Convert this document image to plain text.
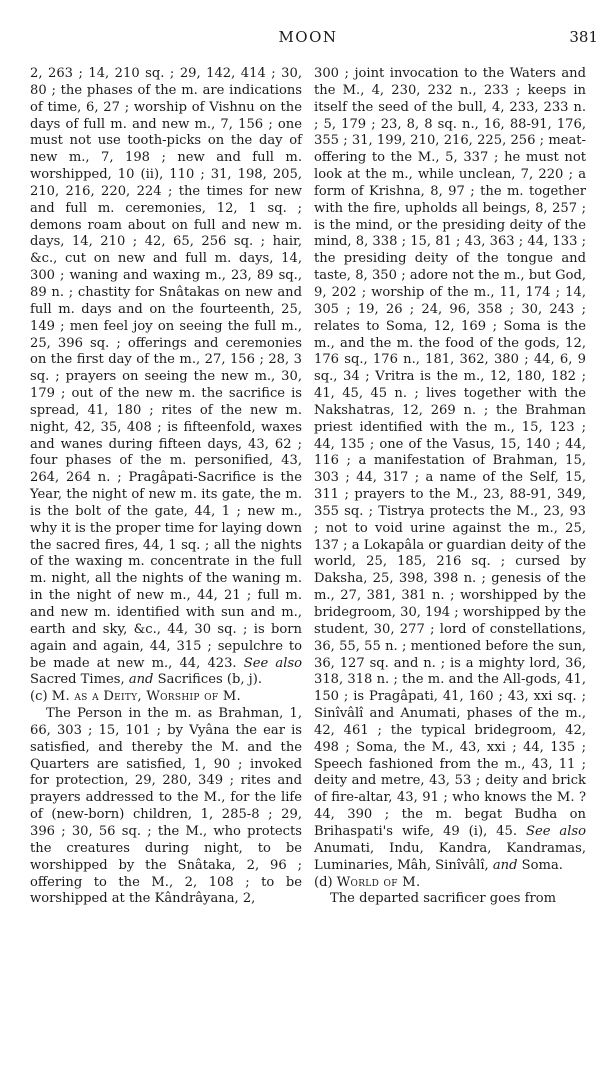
MOON	381

2, 263 ; 14, 210 sq. ; 29, 142, 414 ; 30, 80 ; the phases of the m. are indications of time, 6, 27 ; worship of Vishnu on the days of full m. and new m., 7, 156 ; one must not use tooth-picks on the day of new m., 7, 198 ; new and full m. worshipped, 10 (ii), 110 ; 31, 198, 205, 210, 216, 220, 224 ; the times for new and full m. ceremonies, 12, 1 sq. ; demons roam about on full and new m. days, 14, 210 ; 42, 65, 256 sq. ; hair, &c., cut on new and full m. days, 14, 300 ; waning and waxing m., 23, 89 sq., 89 n. ; chastity for Snâtakas on new and full m. days and on the fourteenth, 25, 149 ; men feel joy on seeing the full m., 25, 396 sq. ; offerings and ceremonies on the first day of the m., 27, 156 ; 28, 3 sq. ; prayers on seeing the new m., 30, 179 ; out of the new m. the sacrifice is spread, 41, 180 ; rites of the new m. night, 42, 35, 408 ; is fifteenfold, waxes and wanes during fifteen days, 43, 62 ; four phases of the m. personified, 43, 264, 264 n. ; Pragâpati-Sacrifice is the Year, the night of new m. its gate, the m. is the bolt of the gate, 44, 1 ; new m., why it is the proper time for laying down the sacred fires, 44, 1 sq. ; all the nights of the waxing m. concentrate in the full m. night, all the nights of the waning m. in the night of new m., 44, 21 ; full m. and new m. identified with sun and m., earth and sky, &c., 44, 30 sq. ; is born again and again, 44, 315 ; sepulchre to be made at new m., 44, 423. See also Sacred Times, and Sacrifices (b, j).

(c) M. as a Deity, Worship of M.

The Person in the m. as Brahman, 1, 66, 303 ; 15, 101 ; by Vyâna the ear is satisfied, and thereby the M. and the Quarters are satisfied, 1, 90 ; invoked for protection, 29, 280, 349 ; rites and prayers addressed to the M., for the life of (new-born) children, 1, 285-8 ; 29, 396 ; 30, 56 sq. ; the M., who protects the creatures during night, to be worshipped by the Snâtaka, 2, 96 ; offering to the M., 2, 108 ; to be worshipped at the Kândrâyana, 2,

300 ; joint invocation to the Waters and the M., 4, 230, 232 n., 233 ; keeps in itself the seed of the bull, 4, 233, 233 n. ; 5, 179 ; 23, 8, 8 sq. n., 16, 88-91, 176, 355 ; 31, 199, 210, 216, 225, 256 ; meat-offering to the M., 5, 337 ; he must not look at the m., while unclean, 7, 220 ; a form of Krishna, 8, 97 ; the m. together with the fire, upholds all beings, 8, 257 ; is the mind, or the presiding deity of the mind, 8, 338 ; 15, 81 ; 43, 363 ; 44, 133 ; the presiding deity of the tongue and taste, 8, 350 ; adore not the m., but God, 9, 202 ; worship of the m., 11, 174 ; 14, 305 ; 19, 26 ; 24, 96, 358 ; 30, 243 ; relates to Soma, 12, 169 ; Soma is the m., and the m. the food of the gods, 12, 176 sq., 176 n., 181, 362, 380 ; 44, 6, 9 sq., 34 ; Vritra is the m., 12, 180, 182 ; 41, 45, 45 n. ; lives together with the Nakshatras, 12, 269 n. ; the Brahman priest identified with the m., 15, 123 ; 44, 135 ; one of the Vasus, 15, 140 ; 44, 116 ; a manifestation of Brahman, 15, 303 ; 44, 317 ; a name of the Self, 15, 311 ; prayers to the M., 23, 88-91, 349, 355 sq. ; Tistrya protects the M., 23, 93 ; not to void urine against the m., 25, 137 ; a Lokapâla or guardian deity of the world, 25, 185, 216 sq. ; cursed by Daksha, 25, 398, 398 n. ; genesis of the m., 27, 381, 381 n. ; worshipped by the bridegroom, 30, 194 ; worshipped by the student, 30, 277 ; lord of constellations, 36, 55, 55 n. ; mentioned before the sun, 36, 127 sq. and n. ; is a mighty lord, 36, 318, 318 n. ; the m. and the All-gods, 41, 150 ; is Pragâpati, 41, 160 ; 43, xxi sq. ; Sinîvâlî and Anumati, phases of the m., 42, 461 ; the typical bridegroom, 42, 498 ; Soma, the M., 43, xxi ; 44, 135 ; Speech fashioned from the m., 43, 11 ; deity and metre, 43, 53 ; deity and brick of fire-altar, 43, 91 ; who knows the M. ? 44, 390 ; the m. begat Budha on Brihaspati's wife, 49 (i), 45. See also Anumati, Indu, Kandra, Kandramas, Luminaries, Mâh, Sinîvâlî, and Soma.

(d) World of M.

The departed sacrificer goes from
